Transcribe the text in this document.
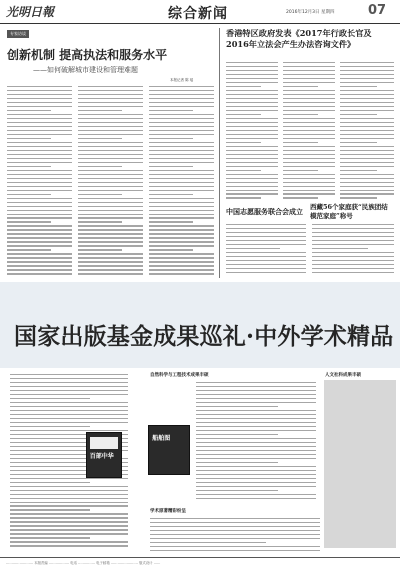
光明日報	综合新闻	2016年12月3日 星期四	07
专家访谈
创新机制 提高执法和服务水平
——如何破解城市建设和管理难题
本报记者 陈 瑶
香港特区政府发表《2017年行政长官及2016年立法会产生办法咨询文件》
中国志愿服务联合会成立 西藏56个家庭获“民族团结模范家庭”称号
国家出版基金成果巡礼·中外学术精品
自然科学与工程技术成果丰硕
学术原著精彩纷呈
人文社科成果丰硕
百部中华
船舶图
…………………… 本版责编 ……………… 电话 …………… 电子邮箱 …………………… 版式设计 ……
